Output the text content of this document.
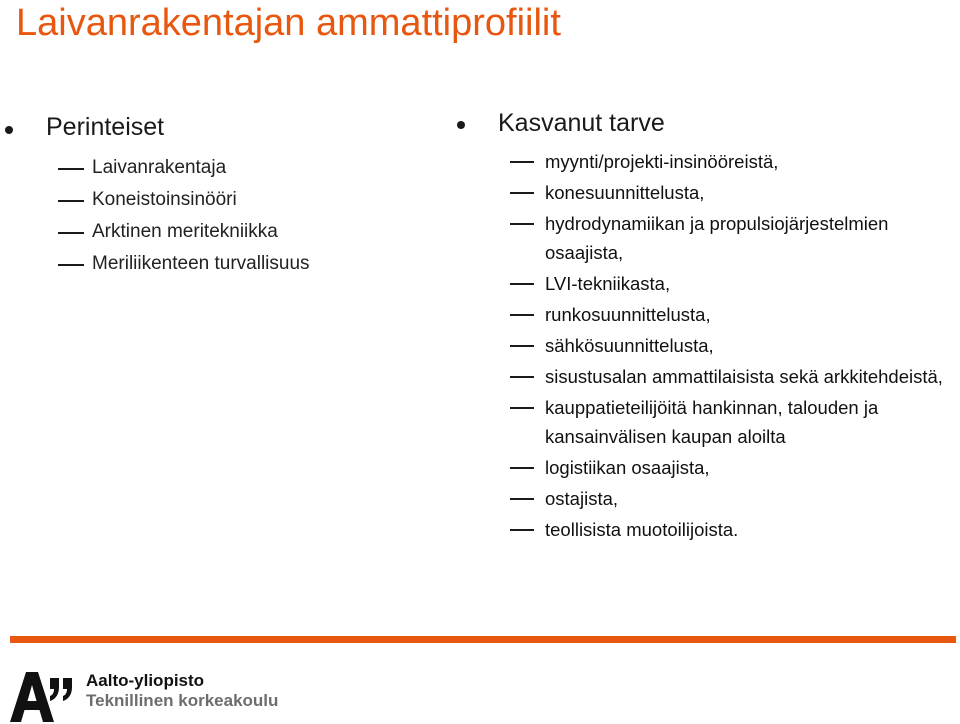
Laivanrakentajan ammattiprofiilit
Perinteiset
Laivanrakentaja
Koneistoinsinööri
Arktinen meritekniikka
Meriliikenteen turvallisuus
Kasvanut tarve
myynti/projekti-insinööreistä,
konesuunnittelusta,
hydrodynamiikan ja propulsiojärjestelmien osaajista,
LVI-tekniikasta,
runkosuunnittelusta,
sähkösuunnittelusta,
sisustusalan ammattilaisista sekä arkkitehdeistä,
kauppatieteilijöitä hankinnan, talouden ja kansainvälisen kaupan aloilta
logistiikan osaajista,
ostajista,
teollisista muotoilijoista.
Aalto-yliopisto
Teknillinen korkeakoulu
